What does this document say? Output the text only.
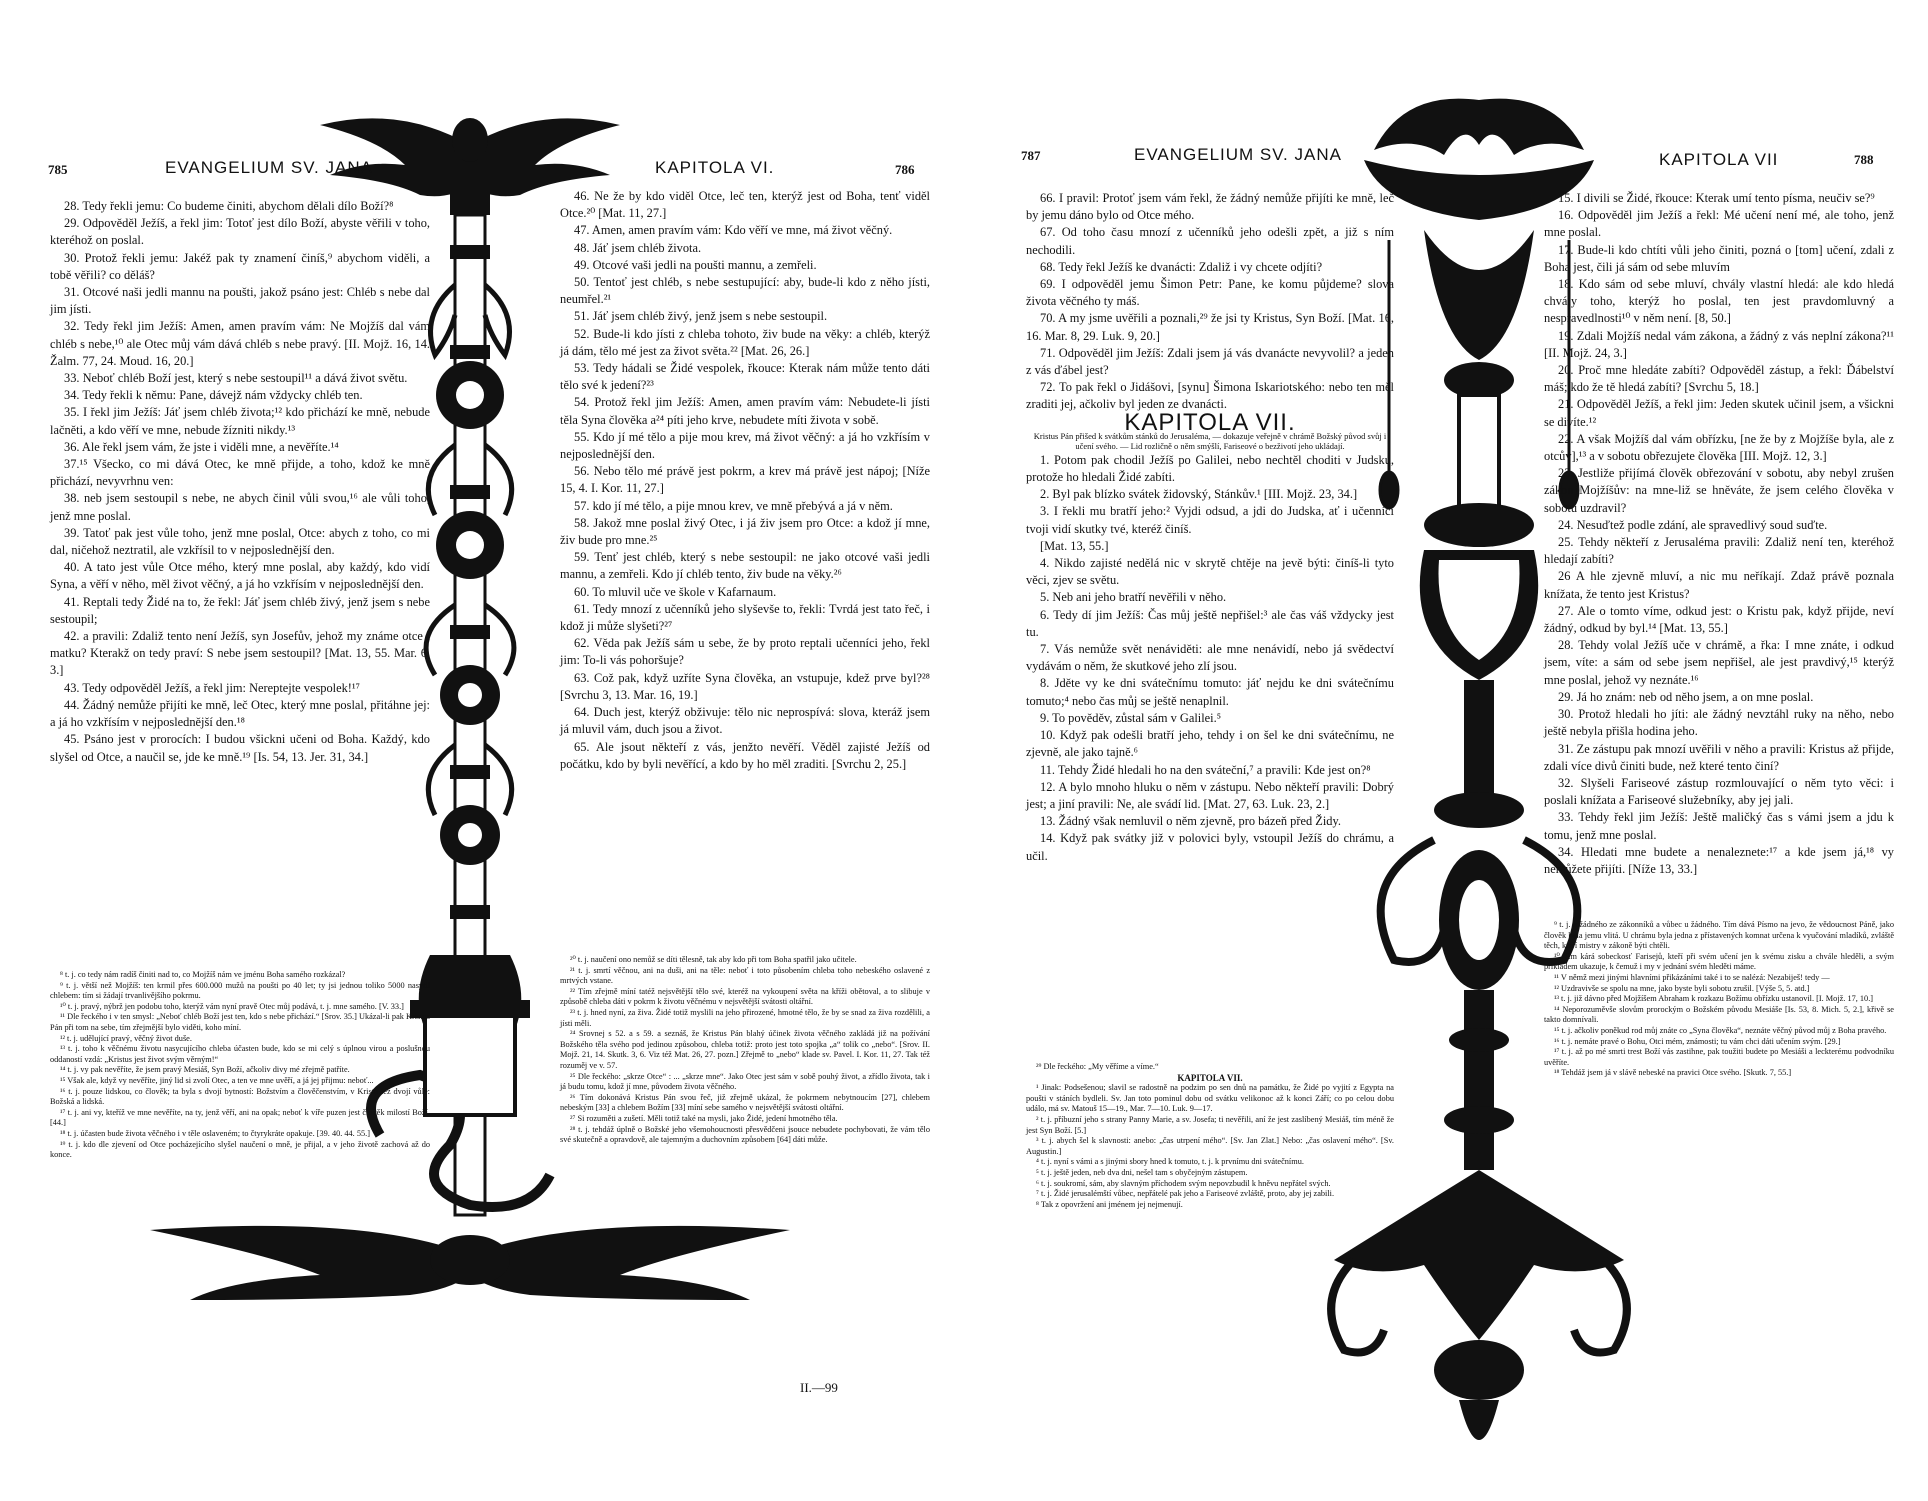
785	EVANGELIUM SV. JANA	KAPITOLA VI.	786

28. Tedy řekli jemu: Co budeme činiti, abychom dělali dílo Boží?⁸

29. Odpověděl Ježíš, a řekl jim: Totoť jest dílo Boží, abyste věřili v toho, kteréhož on poslal.

30. Protož řekli jemu: Jakéž pak ty znamení činíš,⁹ abychom viděli, a tobě věřili? co děláš?

31. Otcové naši jedli mannu na poušti, jakož psáno jest: Chléb s nebe dal jim jísti.

32. Tedy řekl jim Ježíš: Amen, amen pravím vám: Ne Mojžíš dal vám chléb s nebe,¹⁰ ale Otec můj vám dává chléb s nebe pravý. [II. Mojž. 16, 14. Žalm. 77, 24. Moud. 16, 20.]

33. Neboť chléb Boží jest, který s nebe sestoupil¹¹ a dává život světu.

34. Tedy řekli k němu: Pane, dávejž nám vždycky chléb ten.

35. I řekl jim Ježíš: Jáť jsem chléb života;¹² kdo přichází ke mně, nebude lačněti, a kdo věří ve mne, nebude žízniti nikdy.¹³

36. Ale řekl jsem vám, že jste i viděli mne, a nevěříte.¹⁴

37.¹⁵ Všecko, co mi dává Otec, ke mně přijde, a toho, kdož ke mně přichází, nevyvrhnu ven:

38. neb jsem sestoupil s nebe, ne abych činil vůli svou,¹⁶ ale vůli toho, jenž mne poslal.

39. Tatoť pak jest vůle toho, jenž mne poslal, Otce: abych z toho, co mi dal, ničehož neztratil, ale vzkřísil to v nejposlednější den.

40. A tato jest vůle Otce mého, který mne poslal, aby každý, kdo vidí Syna, a věří v něho, měl život věčný, a já ho vzkřísím v nejposlednější den.

41. Reptali tedy Židé na to, že řekl: Jáť jsem chléb živý, jenž jsem s nebe sestoupil;

42. a pravili: Zdaliž tento není Ježíš, syn Josefův, jehož my známe otce i matku? Kterakž on tedy praví: S nebe jsem sestoupil? [Mat. 13, 55. Mar. 6, 3.]

43. Tedy odpověděl Ježíš, a řekl jim: Nereptejte vespolek!¹⁷

44. Žádný nemůže přijíti ke mně, leč Otec, který mne poslal, přitáhne jej: a já ho vzkřísím v nejposlednější den.¹⁸

45. Psáno jest v prorocích: I budou všickni učeni od Boha. Každý, kdo slyšel od Otce, a naučil se, jde ke mně.¹⁹ [Is. 54, 13. Jer. 31, 34.]

46. Ne že by kdo viděl Otce, leč ten, kterýž jest od Boha, tenť viděl Otce.²⁰ [Mat. 11, 27.]

47. Amen, amen pravím vám: Kdo věří ve mne, má život věčný.

48. Jáť jsem chléb života.

49. Otcové vaši jedli na poušti mannu, a zemřeli.

50. Tentoť jest chléb, s nebe sestupující: aby, bude-li kdo z něho jísti, neumřel.²¹

51. Jáť jsem chléb živý, jenž jsem s nebe sestoupil.

52. Bude-li kdo jísti z chleba tohoto, živ bude na věky: a chléb, kterýž já dám, tělo mé jest za život světa.²² [Mat. 26, 26.]

53. Tedy hádali se Židé vespolek, řkouce: Kterak nám může tento dáti tělo své k jedení?²³

54. Protož řekl jim Ježíš: Amen, amen pravím vám: Nebudete-li jísti těla Syna člověka a²⁴ píti jeho krve, nebudete míti života v sobě.

55. Kdo jí mé tělo a pije mou krev, má život věčný: a já ho vzkřísím v nejposlednější den.

56. Nebo tělo mé právě jest pokrm, a krev má právě jest nápoj; [Níže 15, 4. I. Kor. 11, 27.]

57. kdo jí mé tělo, a pije mnou krev, ve mně přebývá a já v něm.

58. Jakož mne poslal živý Otec, i já živ jsem pro Otce: a kdož jí mne, živ bude pro mne.²⁵

59. Tenť jest chléb, který s nebe sestoupil: ne jako otcové vaši jedli mannu, a zemřeli. Kdo jí chléb tento, živ bude na věky.²⁶

60. To mluvil uče ve škole v Kafarnaum.

61. Tedy mnozí z učenníků jeho slyševše to, řekli: Tvrdá jest tato řeč, i kdož ji může slyšeti?²⁷

62. Věda pak Ježíš sám u sebe, že by proto reptali učenníci jeho, řekl jim: To-li vás pohoršuje?

63. Což pak, když uzříte Syna člověka, an vstupuje, kdež prve byl?²⁸ [Svrchu 3, 13. Mar. 16, 19.]

64. Duch jest, kterýž obživuje: tělo nic neprospívá: slova, kteráž jsem já mluvil vám, duch jsou a život.

65. Ale jsout někteří z vás, jenžto nevěří. Věděl zajisté Ježíš od počátku, kdo by byli nevěřící, a kdo by ho měl zraditi. [Svrchu 2, 25.]

⁸ t. j. co tedy nám radíš činiti nad to, co Mojžíš nám ve jménu Boha samého rozkázal?

⁹ t. j. větší než Mojžíš: ten krmil přes 600.000 mužů na poušti po 40 let; ty jsi jednou toliko 5000 nasytil chlebem: tím si žádají trvanlivějšího pokrmu.

¹⁰ t. j. pravý, nýbrž jen podobu toho, kterýž vám nyní pravě Otec můj podává, t. j. mne samého. [V. 33.]

¹¹ Dle řeckého i v ten smysl: „Neboť chléb Boží jest ten, kdo s nebe přichází.“ [Srov. 35.] Ukázal-li pak Kristus Pán při tom na sebe, tím zřejmější bylo viděti, koho míní.

¹² t. j. udělující pravý, věčný život duše.

¹³ t. j. toho k věčnému životu nasycujícího chleba účasten bude, kdo se mi celý s úplnou virou a poslušnou oddaností vzdá: „Kristus jest život svým věrným!“

¹⁴ t. j. vy pak nevěříte, že jsem pravý Mesiáš, Syn Boží, ačkoliv divy mé zřejmě patříte.

¹⁵ Však ale, když vy nevěříte, jiný lid si zvolí Otec, a ten ve mne uvěří, a já jej přijmu: neboť...

¹⁶ t. j. pouze lidskou, co člověk; ta byla s dvojí bytností: Božstvím a člověčenstvím, v Kristu též dvojí vůle: Božská a lidská.

¹⁷ t. j. ani vy, kteříž ve mne nevěříte, na ty, jenž věří, ani na opak; neboť k víře puzen jest člověk milostí Boží. [44.]

¹⁸ t. j. účasten bude života věčného i v těle oslaveném; to čtyrykráte opakuje. [39. 40. 44. 55.]

¹⁹ t. j. kdo dle zjevení od Otce pocházejícího slyšel naučení o mně, je přijal, a v jeho životě zachová až do konce.

²⁰ t. j. naučení ono nemůž se díti tělesně, tak aby kdo při tom Boha spatřil jako učitele.

²¹ t. j. smrtí věčnou, ani na duši, ani na těle: neboť i toto působením chleba toho nebeského oslavené z mrtvých vstane.

²² Tím zřejmě míní tatéž nejsvětější tělo své, kteréž na vykoupení světa na kříži obětoval, a to slibuje v způsobě chleba dáti v pokrm k životu věčnému v nejsvětější svátosti oltářní.

²³ t. j. hned nyní, za živa. Židé totiž myslili na jeho přirozené, hmotné tělo, že by se snad za živa rozdělili, a jísti měli.

²⁴ Srovnej s 52. a s 59. a seznáš, že Kristus Pán blahý účinek života věčného zakládá již na požívání Božského těla svého pod jedinou způsobou, chleba totiž: proto jest toto spojka „a“ tolik co „nebo“. [Srov. II. Mojž. 21, 14. Skutk. 3, 6. Viz též Mat. 26, 27. pozn.] Zřejmě to „nebo“ klade sv. Pavel. I. Kor. 11, 27. Tak též rozuměj ve v. 57.

²⁵ Dle řeckého: „skrze Otce“ : ... „skrze mne“. Jako Otec jest sám v sobě pouhý život, a zřídlo života, tak i já budu tomu, kdož jí mne, původem života věčného.

²⁶ Tím dokonává Kristus Pán svou řeč, již zřejmě ukázal, že pokrmem nebytnoucím [27], chlebem nebeským [33] a chlebem Božím [33] míní sebe samého v nejsvětější svátosti oltářní.

²⁷ Si rozuměti a zušetí. Měli totiž také na mysli, jako Židé, jedení hmotného těla.

²⁸ t. j. tehdáž úplně o Božské jeho všemohoucnosti přesvědčeni jsouce nebudete pochybovati, že vám tělo své skutečně a opravdově, ale tajemným a duchovním způsobem [64] dáti může.

II.—99
787	EVANGELIUM SV. JANA	KAPITOLA VII	788

66. I pravil: Protoť jsem vám řekl, že žádný nemůže přijíti ke mně, leč by jemu dáno bylo od Otce mého.

67. Od toho času mnozí z učenníků jeho odešli zpět, a již s ním nechodili.

68. Tedy řekl Ježíš ke dvanácti: Zdaliž i vy chcete odjíti?

69. I odpověděl jemu Šimon Petr: Pane, ke komu půjdeme? slova života věčného ty máš.

70. A my jsme uvěřili a poznali,²⁹ že jsi ty Kristus, Syn Boží. [Mat. 16, 16. Mar. 8, 29. Luk. 9, 20.]

71. Odpověděl jim Ježíš: Zdali jsem já vás dvanácte nevyvolil? a jeden z vás ďábel jest?

72. To pak řekl o Jidášovi, [synu] Šimona Iskariotského: nebo ten měl zraditi jej, ačkoliv byl jeden ze dvanácti.

KAPITOLA VII.

Kristus Pán přišed k svátkům stánků do Jerusaléma, — dokazuje veřejně v chrámě Božský původ svůj i učení svého. — Lid rozličně o něm smýšlí, Fariseové o bezživotí jeho ukládají.

1. Potom pak chodil Ježíš po Galilei, nebo nechtěl choditi v Judsku, protože ho hledali Židé zabíti.

2. Byl pak blízko svátek židovský, Stánkův.¹ [III. Mojž. 23, 34.]

3. I řekli mu bratří jeho:² Vyjdi odsud, a jdi do Judska, ať i učenníci tvoji vidí skutky tvé, kteréž činíš.

[Mat. 13, 55.]

4. Nikdo zajisté nedělá nic v skrytě chtěje na jevě býti: činíš-li tyto věci, zjev se světu.

5. Neb ani jeho bratří nevěřili v něho.

6. Tedy dí jim Ježíš: Čas můj ještě nepřišel:³ ale čas váš vždycky jest tu.

7. Vás nemůže svět nenáviděti: ale mne nenávidí, nebo já svědectví vydávám o něm, že skutkové jeho zlí jsou.

8. Jděte vy ke dni svátečnímu tomuto: jáť nejdu ke dni svátečnímu tomuto;⁴ nebo čas můj se ještě nenaplnil.

9. To pověděv, zůstal sám v Galilei.⁵

10. Když pak odešli bratří jeho, tehdy i on šel ke dni svátečnímu, ne zjevně, ale jako tajně.⁶

11. Tehdy Židé hledali ho na den sváteční,⁷ a pravili: Kde jest on?⁸

12. A bylo mnoho hluku o něm v zástupu. Nebo někteří pravili: Dobrý jest; a jiní pravili: Ne, ale svádí lid. [Mat. 27, 63. Luk. 23, 2.]

13. Žádný však nemluvil o něm zjevně, pro bázeň před Židy.

14. Když pak svátky již v polovici byly, vstoupil Ježíš do chrámu, a učil.

15. I divili se Židé, řkouce: Kterak umí tento písma, neučiv se?⁹

16. Odpověděl jim Ježíš a řekl: Mé učení není mé, ale toho, jenž mne poslal.

17. Bude-li kdo chtíti vůli jeho činiti, pozná o [tom] učení, zdali z Boha jest, čili já sám od sebe mluvím

18. Kdo sám od sebe mluví, chvály vlastní hledá: ale kdo hledá chvály toho, kterýž ho poslal, ten jest pravdomluvný a nespravedlnosti¹⁰ v něm není. [8, 50.]

19. Zdali Mojžíš nedal vám zákona, a žádný z vás neplní zákona?¹¹ [II. Mojž. 24, 3.]

20. Proč mne hledáte zabíti? Odpověděl zástup, a řekl: Ďábelství máš; kdo že tě hledá zabíti? [Svrchu 5, 18.]

21. Odpověděl Ježíš, a řekl jim: Jeden skutek učinil jsem, a všickni se divíte.¹²

22. A však Mojžíš dal vám obřízku, [ne že by z Mojžíše byla, ale z otcův],¹³ a v sobotu obřezujete člověka [III. Mojž. 12, 3.]

23. Jestliže přijímá člověk obřezování v sobotu, aby nebyl zrušen zákon Mojžíšův: na mne-liž se hněváte, že jsem celého člověka v sobotu uzdravil?

24. Nesuďtež podle zdání, ale spravedlivý soud suďte.

25. Tehdy někteří z Jerusaléma pravili: Zdaliž není ten, kteréhož hledají zabíti?

26 A hle zjevně mluví, a nic mu neříkají. Zdaž právě poznala knížata, že tento jest Kristus?

27. Ale o tomto víme, odkud jest: o Kristu pak, když přijde, neví žádný, odkud by byl.¹⁴ [Mat. 13, 55.]

28. Tehdy volal Ježíš uče v chrámě, a řka: I mne znáte, i odkud jsem, víte: a sám od sebe jsem nepřišel, ale jest pravdivý,¹⁵ kterýž mne poslal, jehož vy neznáte.¹⁶

29. Já ho znám: neb od něho jsem, a on mne poslal.

30. Protož hledali ho jíti: ale žádný nevztáhl ruky na něho, nebo ještě nebyla přišla hodina jeho.

31. Ze zástupu pak mnozí uvěřili v něho a pravili: Kristus až přijde, zdali více divů činiti bude, než které tento činí?

32. Slyšeli Fariseové zástup rozmlouvající o něm tyto věci: i poslali knížata a Fariseové služebníky, aby jej jali.

33. Tehdy řekl jim Ježíš: Ještě maličký čas s vámi jsem a jdu k tomu, jenž mne poslal.

34. Hledati mne budete a nenaleznete:¹⁷ a kde jsem já,¹⁸ vy nemůžete přijíti. [Níže 13, 33.]

²⁹ Dle řeckého: „My věříme a víme.“

KAPITOLA VII.

¹ Jinak: Podsešenou; slavil se radostně na podzim po sen dnů na památku, že Židé po vyjití z Egypta na poušti v stáních bydleli. Sv. Jan toto pominul dobu od svátku velikonoc až k konci Září; co po celou dobu událo, má sv. Matouš 15—19., Mar. 7—10. Luk. 9—17.

² t. j. příbuzní jeho s strany Panny Marie, a sv. Josefa; ti nevěřili, aní že jest zaslíbený Mesiáš, tím méně že jest Syn Boží. [5.]

³ t. j. abych šel k slavnosti: anebo: „čas utrpení mého“. [Sv. Jan Zlat.] Nebo: „čas oslavení mého“. [Sv. Augustin.]

⁴ t. j. nyní s vámi a s jinými sbory hned k tomuto, t. j. k prvnímu dni svátečnímu.

⁵ t. j. ještě jeden, neb dva dni, nešel tam s obyčejným zástupem.

⁶ t. j. soukromí, sám, aby slavným příchodem svým nepovzbudil k hněvu nepřátel svých.

⁷ t. j. Židé jerusalémští vůbec, nepřátelé pak jeho a Fariseové zvláště, proto, aby jej zabili.

⁸ Tak z opovržení ani jménem jej nejmenují.

⁹ t. j. u žádného ze zákonníků a vůbec u žádného. Tím dává Písmo na jevo, že vědoucnost Páně, jako člověk byla jemu vlitá. U chrámu byla jedna z přístavených komnat určena k vyučování mladíků, zvláště těch, kteří mistry v zákoně býti chtěli.

¹⁰ Tím kárá sobeckosť Farisejů, kteří při svém učení jen k svému zisku a chvále hleděli, a svým příkladem ukazuje, k čemuž i my v jednání svém hleděti máme.

¹¹ V němž mezi jinými hlavními přikázáními také i to se nalézá: Nezabiješ! tedy —

¹² Uzdravivše se spolu na mne, jako byste byli sobotu zrušil. [Výše 5, 5. atd.]

¹³ t. j. již dávno před Mojžíšem Abraham k rozkazu Božímu obřízku ustanovil. [I. Mojž. 17, 10.]

¹⁴ Neporozuměvše slovům prorockým o Božském původu Mesiáše [Is. 53, 8. Mich. 5, 2.], křivě se takto domnívali.

¹⁵ t. j. ačkoliv poněkud rod můj znáte co „Syna člověka“, neznáte věčný původ můj z Boha pravého.

¹⁶ t. j. nemáte pravé o Bohu, Otci mém, známosti; tu vám chci dáti učením svým. [29.]

¹⁷ t. j. až po mé smrti trest Boží vás zastihne, pak toužiti budete po Mesiáši a leckterému podvodníku uvěříte.

¹⁸ Tehdáž jsem já v slávě nebeské na pravici Otce svého. [Skutk. 7, 55.]
